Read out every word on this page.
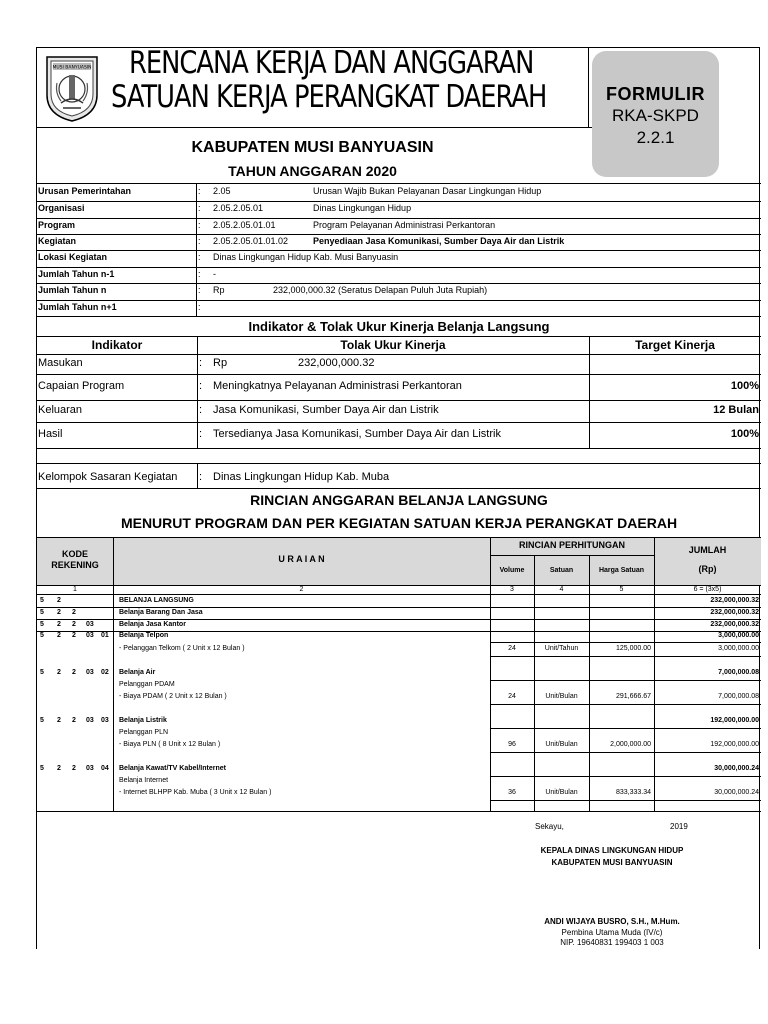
MUSI BANYUASIN RENCANA KERJA DAN ANGGARAN
SATUAN KERJA PERANGKAT DAERAH	FORMULIR
RKA-SKPD
2.2.1
KABUPATEN MUSI BANYUASIN
TAHUN ANGGARAN 2020
Urusan Pemerintahan	: 2.05	Urusan Wajib Bukan Pelayanan Dasar Lingkungan Hidup
Organisasi	: 2.05.2.05.01	Dinas Lingkungan Hidup
Program	: 2.05.2.05.01.01	Program Pelayanan Administrasi Perkantoran
Kegiatan	: 2.05.2.05.01.01.02	Penyediaan Jasa Komunikasi, Sumber Daya Air dan Listrik
Lokasi Kegiatan	: Dinas Lingkungan Hidup Kab. Musi Banyuasin
Jumlah Tahun n-1	: -
Jumlah Tahun n	: Rp	232,000,000.32 (Seratus Delapan Puluh Juta Rupiah)
Jumlah Tahun n+1	:
Indikator & Tolak Ukur Kinerja Belanja Langsung
Indikator	Tolak Ukur Kinerja	Target Kinerja
Masukan	: Rp	232,000,000.32
Capaian Program	: Meningkatnya Pelayanan Administrasi Perkantoran	100%
Keluaran	: Jasa Komunikasi, Sumber Daya Air dan Listrik	12 Bulan
Hasil	: Tersedianya Jasa Komunikasi, Sumber Daya Air dan Listrik	100%
Kelompok Sasaran Kegiatan : Dinas Lingkungan Hidup Kab. Muba
RINCIAN ANGGARAN BELANJA LANGSUNG
MENURUT PROGRAM DAN PER KEGIATAN SATUAN KERJA PERANGKAT DAERAH
KODE
REKENING
U R A I A N
RINCIAN PERHITUNGAN	JUMLAH
(Rp)
Volume	Satuan	Harga Satuan
1	2	3	4	5	6 = (3x5)
5 2	BELANJA LANGSUNG	232,000,000.32
5 2 2	Belanja Barang Dan Jasa	232,000,000.32
5 2 2 03	Belanja Jasa Kantor	232,000,000.32
5 2 2 03 01 Belanja Telpon	3,000,000.00
- Pelanggan Telkom ( 2 Unit x 12 Bulan )	24	Unit/Tahun	125,000.00	3,000,000.00
5 2 2 03 02 Belanja Air	7,000,000.08
Pelanggan PDAM
- Biaya PDAM ( 2 Unit x 12 Bulan )	24	Unit/Bulan	291,666.67	7,000,000.08
5 2 2 03 03 Belanja Listrik	192,000,000.00
Pelanggan PLN
- Biaya PLN ( 8 Unit x 12 Bulan )	96	Unit/Bulan	2,000,000.00	192,000,000.00
5 2 2 03 04 Belanja Kawat/TV Kabel/Internet	30,000,000.24
Belanja Internet
- Internet BLHPP Kab. Muba ( 3 Unit x 12 Bulan )	36	Unit/Bulan	833,333.34	30,000,000.24
Sekayu,	2019
KEPALA DINAS LINGKUNGAN HIDUP
KABUPATEN MUSI BANYUASIN
ANDI WIJAYA BUSRO, S.H., M.Hum.
Pembina Utama Muda (IV/c)
NIP. 19640831 199403 1 003
